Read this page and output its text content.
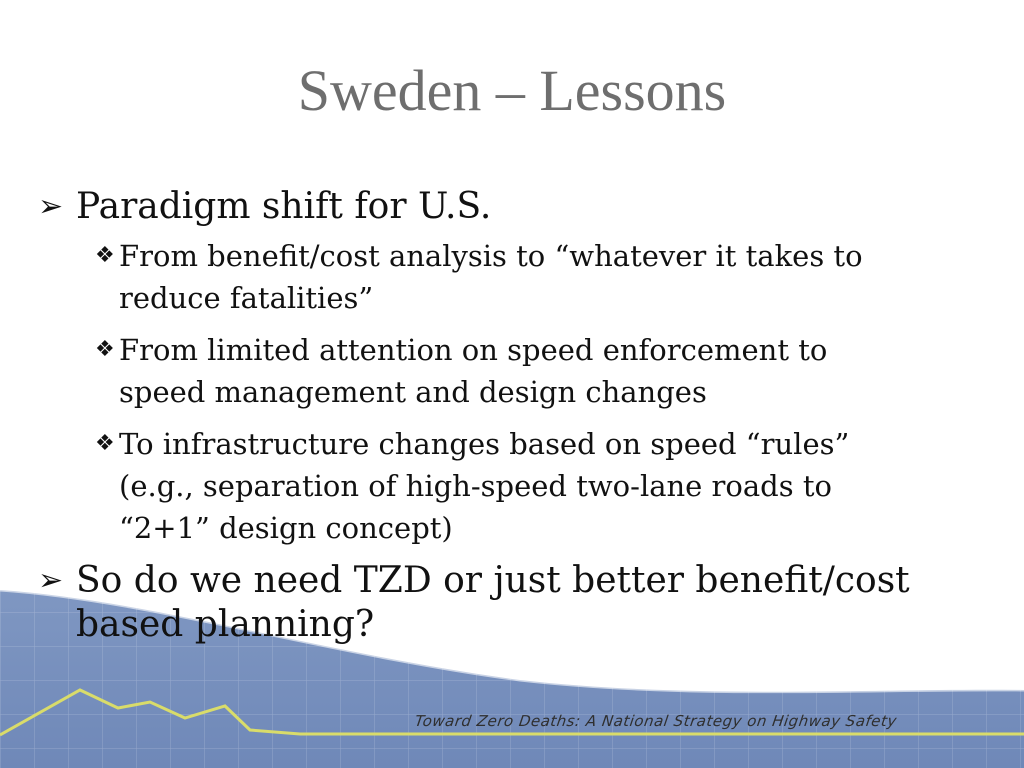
Sweden – Lessons
➢ Paradigm shift for U.S.
❖ From benefit/cost analysis to “whatever it takes to reduce fatalities”
❖ From limited attention on speed enforcement to speed management and design changes
❖ To infrastructure changes based on speed “rules” (e.g., separation of high-speed two-lane roads to “2+1” design concept)
➢ So do we need TZD or just better benefit/cost based planning?
Toward Zero Deaths: A National Strategy on Highway Safety
